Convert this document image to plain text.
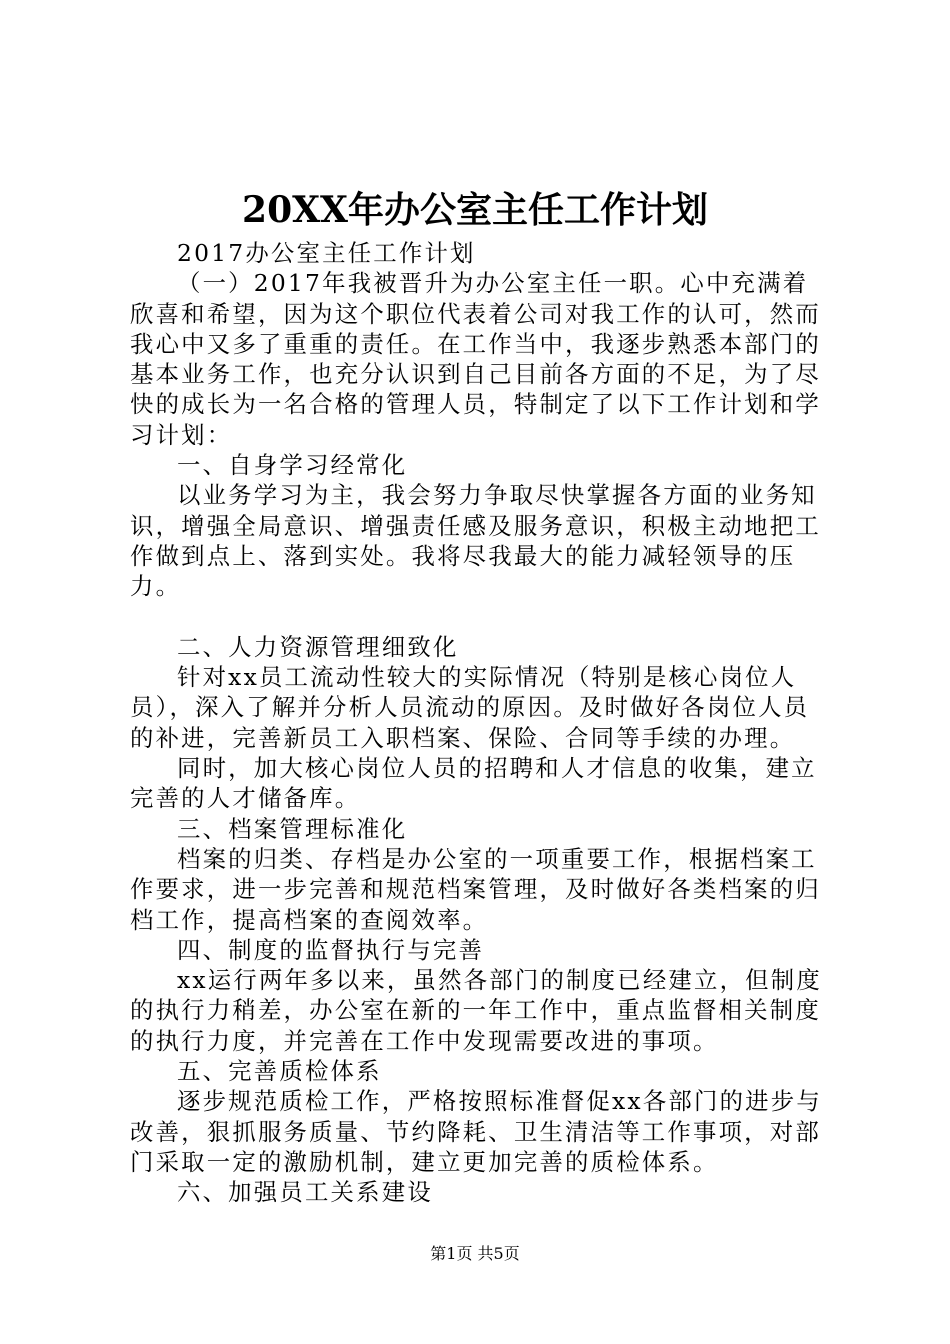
20XX年办公室主任工作计划

2017办公室主任工作计划

（一）2017年我被晋升为办公室主任一职。心中充满着欣喜和希望，因为这个职位代表着公司对我工作的认可，然而我心中又多了重重的责任。在工作当中，我逐步熟悉本部门的基本业务工作，也充分认识到自己目前各方面的不足，为了尽快的成长为一名合格的管理人员，特制定了以下工作计划和学习计划：

一、自身学习经常化

以业务学习为主，我会努力争取尽快掌握各方面的业务知识，增强全局意识、增强责任感及服务意识，积极主动地把工作做到点上、落到实处。我将尽我最大的能力减轻领导的压力。

二、人力资源管理细致化

针对xx员工流动性较大的实际情况（特别是核心岗位人员），深入了解并分析人员流动的原因。及时做好各岗位人员的补进，完善新员工入职档案、保险、合同等手续的办理。

同时，加大核心岗位人员的招聘和人才信息的收集，建立完善的人才储备库。

三、档案管理标准化

档案的归类、存档是办公室的一项重要工作，根据档案工作要求，进一步完善和规范档案管理，及时做好各类档案的归档工作，提高档案的查阅效率。

四、制度的监督执行与完善

xx运行两年多以来，虽然各部门的制度已经建立，但制度的执行力稍差，办公室在新的一年工作中，重点监督相关制度的执行力度，并完善在工作中发现需要改进的事项。

五、完善质检体系

逐步规范质检工作，严格按照标准督促xx各部门的进步与改善，狠抓服务质量、节约降耗、卫生清洁等工作事项，对部门采取一定的激励机制，建立更加完善的质检体系。

六、加强员工关系建设

第1页 共5页
